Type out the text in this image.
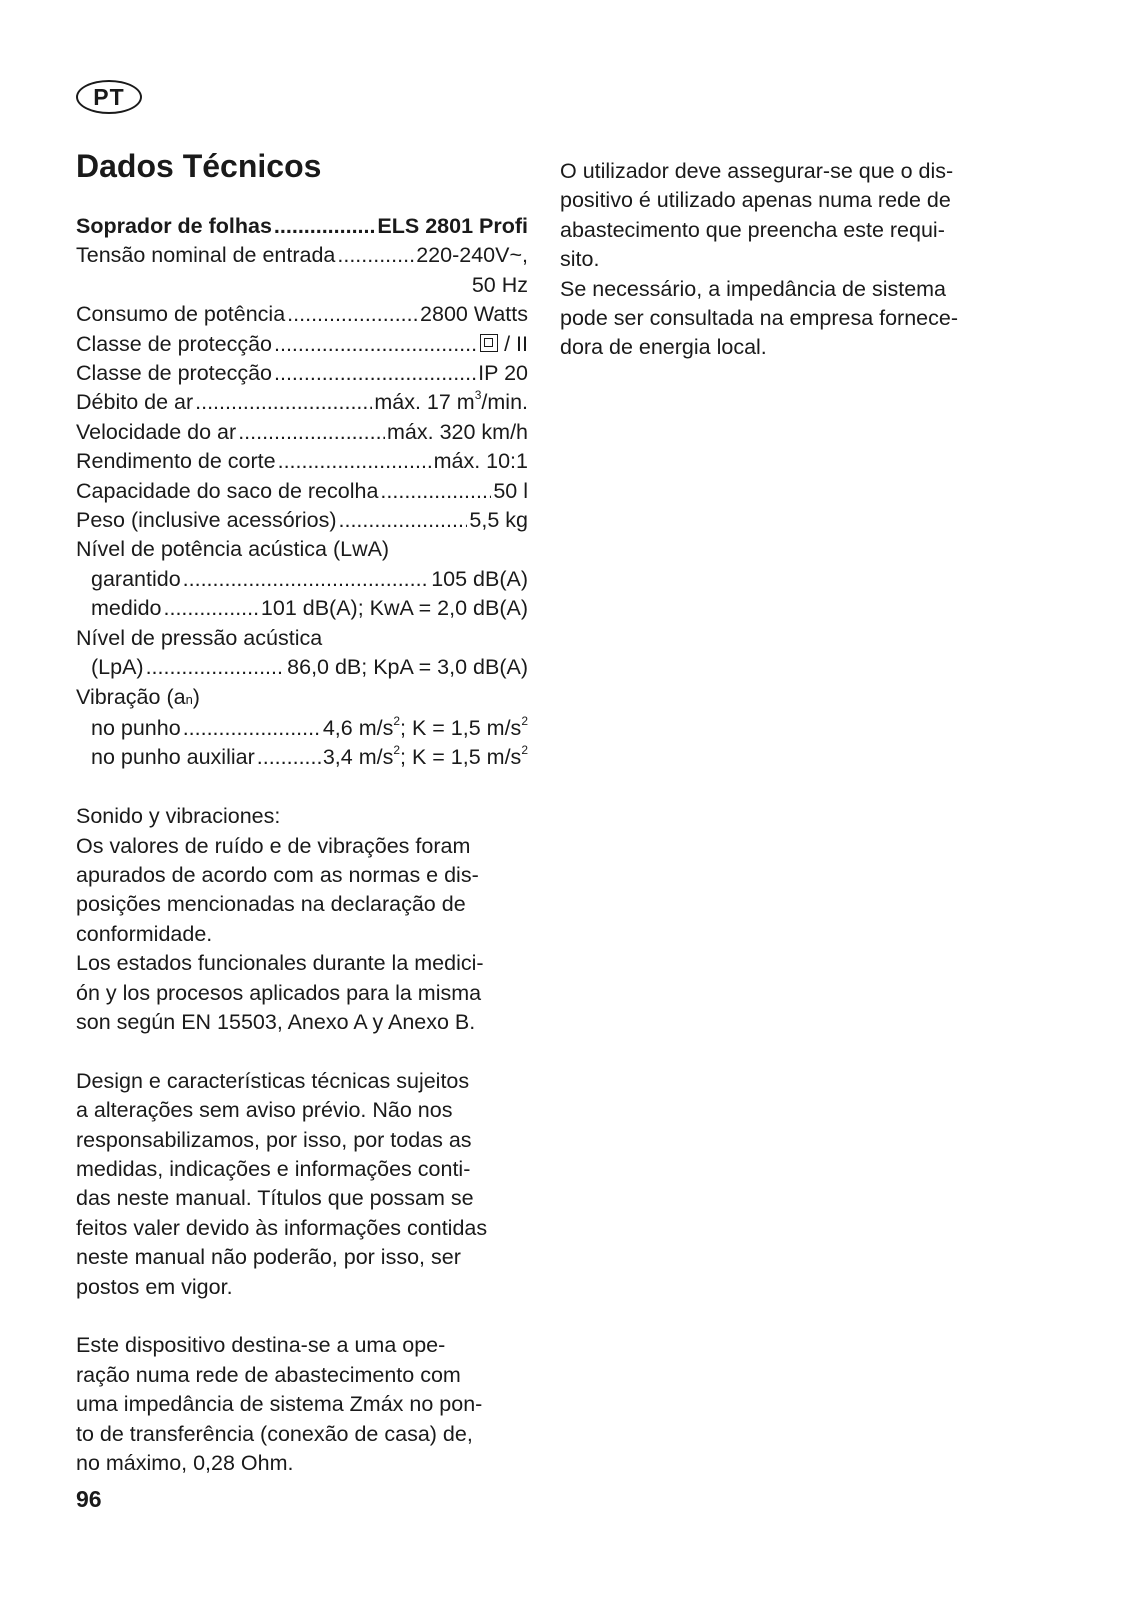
PT
Dados Técnicos
Soprador de folhas .....	ELS 2801 Profi
Tensão nominal de entrada .....	220-240V~,
50 Hz
Consumo de potência .....	2800 Watts
Classe de protecção .....	/ II
Classe de protecção .....	IP 20
Débito de ar .....	máx. 17 $m^3/\min$.
Velocidade do ar .....	máx. 320 km/h
Rendimento de corte .....	máx. 10:1
Capacidade do saco de recolha .....	50 l
Peso (inclusive acessórios) .....	5,5 kg
Nível de potência acústica (LwA)
garantido .....	105 dB(A)
medido .....	101 dB(A); KwA = 2,0 dB(A)
Nível de pressão acústica
(LpA) .....	86,0 dB; KpA = 3,0 dB(A)
Vibração (an)
no punho .....	4,6 $m/s^2$; K = 1,5 $m/s^2$
no punho auxiliar .....	3,4 $m/s^2$; K = 1,5 $m/s^2$
Sonido y vibraciones:
Os valores de ruído e de vibrações foram
apurados de acordo com as normas e dis-
posições mencionadas na declaração de
conformidade.
Los estados funcionales durante la medici-
ón y los procesos aplicados para la misma
son según EN 15503, Anexo A y Anexo B.
Design e características técnicas sujeitos
a alterações sem aviso prévio. Não nos
responsabilizamos, por isso, por todas as
medidas, indicações e informações conti-
das neste manual. Títulos que possam se
feitos valer devido às informações contidas
neste manual não poderão, por isso, ser
postos em vigor.
Este dispositivo destina-se a uma ope-
ração numa rede de abastecimento com
uma impedância de sistema Zmáx no pon-
to de transferência (conexão de casa) de,
no máximo, 0,28 Ohm.
O utilizador deve assegurar-se que o dis-
positivo é utilizado apenas numa rede de
abastecimento que preencha este requi-
sito.
Se necessário, a impedância de sistema
pode ser consultada na empresa fornece-
dora de energia local.
96
